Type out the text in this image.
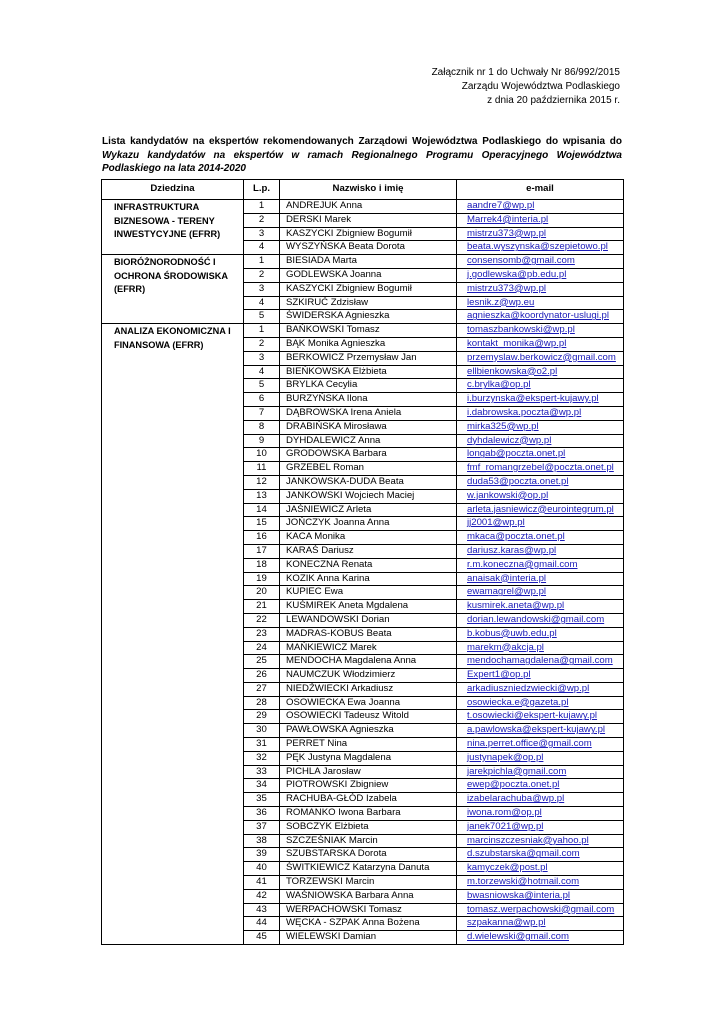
Załącznik nr 1 do Uchwały Nr 86/992/2015
Zarządu Województwa Podlaskiego
z dnia 20 października 2015 r.
Lista kandydatów na ekspertów rekomendowanych Zarządowi Województwa Podlaskiego do wpisania do Wykazu kandydatów na ekspertów w ramach Regionalnego Programu Operacyjnego Województwa Podlaskiego na lata 2014-2020
Dziedzina	L.p.	Nazwisko i imię	e-mail
INFRASTRUKTURA BIZNESOWA - TERENY INWESTYCYJNE (EFRR)	1	ANDREJUK Anna	aandre7@wp.pl
	2	DERSKI Marek	Marrek4@interia.pl
	3	KASZYCKI Zbigniew Bogumił	mistrzu373@wp.pl
	4	WYSZYŃSKA Beata Dorota	beata.wyszynska@szepietowo.pl
BIORÓŻNORODNOŚĆ I OCHRONA ŚRODOWISKA (EFRR)	1	BIESIADA Marta	consensomb@gmail.com
	2	GODLEWSKA Joanna	j.godlewska@pb.edu.pl
	3	KASZYCKI Zbigniew Bogumił	mistrzu373@wp.pl
	4	SZKIRUĆ Zdzisław	lesnik.z@wp.eu
	5	ŚWIDERSKA Agnieszka	agnieszka@koordynator-uslugi.pl
ANALIZA EKONOMICZNA I FINANSOWA (EFRR)	1	BAŃKOWSKI Tomasz	tomaszbankowski@wp.pl
	2	BĄK Monika Agnieszka	kontakt_monika@wp.pl
	3	BERKOWICZ Przemysław Jan	przemyslaw.berkowicz@gmail.com
	4	BIEŃKOWSKA Elżbieta	ellbienkowska@o2.pl
	5	BRYLKA Cecylia	c.brylka@op.pl
	6	BURZYŃSKA Ilona	i.burzynska@ekspert-kujawy.pl
	7	DĄBROWSKA Irena Aniela	i.dabrowska.poczta@wp.pl
	8	DRABIŃSKA Mirosława	mirka325@wp.pl
	9	DYHDALEWICZ Anna	dyhdalewicz@wp.pl
	10	GRODOWSKA Barbara	longab@poczta.onet.pl
	11	GRZEBEL Roman	fmf_romangrzebel@poczta.onet.pl
	12	JANKOWSKA-DUDA Beata	duda53@poczta.onet.pl
	13	JANKOWSKI Wojciech Maciej	w.jankowski@op.pl
	14	JAŚNIEWICZ Arleta	arleta.jasniewicz@eurointegrum.pl
	15	JOŃCZYK Joanna Anna	jj2001@wp.pl
	16	KACA Monika	mkaca@poczta.onet.pl
	17	KARAŚ Dariusz	dariusz.karas@wp.pl
	18	KONECZNA Renata	r.m.koneczna@gmail.com
	19	KOZIK Anna Karina	anaisak@interia.pl
	20	KUPIEC Ewa	ewamagrel@wp.pl
	21	KUŚMIREK Aneta Mgdalena	kusmirek.aneta@wp.pl
	22	LEWANDOWSKI Dorian	dorian.lewandowski@gmail.com
	23	MADRAS-KOBUS Beata	b.kobus@uwb.edu.pl
	24	MAŃKIEWICZ Marek	marekm@akcja.pl
	25	MENDOCHA Magdalena Anna	mendochamagdalena@gmail.com
	26	NAUMCZUK Włodzimierz	Expert1@op.pl
	27	NIEDŹWIECKI Arkadiusz	arkadiuszniedzwiecki@wp.pl
	28	OSOWIECKA Ewa Joanna	osowiecka.e@gazeta.pl
	29	OSOWIECKI Tadeusz Witold	t.osowiecki@ekspert-kujawy.pl
	30	PAWŁOWSKA Agnieszka	a.pawlowska@ekspert-kujawy.pl
	31	PERRET Nina	nina.perret.office@gmail.com
	32	PĘK Justyna Magdalena	justynapek@op.pl
	33	PICHLA Jarosław	jarekpichla@gmail.com
	34	PIOTROWSKI Zbigniew	ewep@poczta.onet.pl
	35	RACHUBA-GŁÓD Izabela	izabelarachuba@wp.pl
	36	ROMANKO Iwona Barbara	iwona.rom@op.pl
	37	SOBCZYK Elżbieta	janek7021@wp.pl
	38	SZCZEŚNIAK Marcin	marcinszczesniak@yahoo.pl
	39	SZUBSTARSKA Dorota	d.szubstarska@gmail.com
	40	ŚWITKIEWICZ Katarzyna Danuta	kamyczek@post.pl
	41	TORZEWSKI Marcin	m.torzewski@hotmail.com
	42	WAŚNIOWSKA Barbara Anna	bwasniowska@interia.pl
	43	WERPACHOWSKI Tomasz	tomasz.werpachowski@gmail.com
	44	WĘCKA - SZPAK Anna Bożena	szpakanna@wp.pl
	45	WIELEWSKI Damian	d.wielewski@gmail.com
